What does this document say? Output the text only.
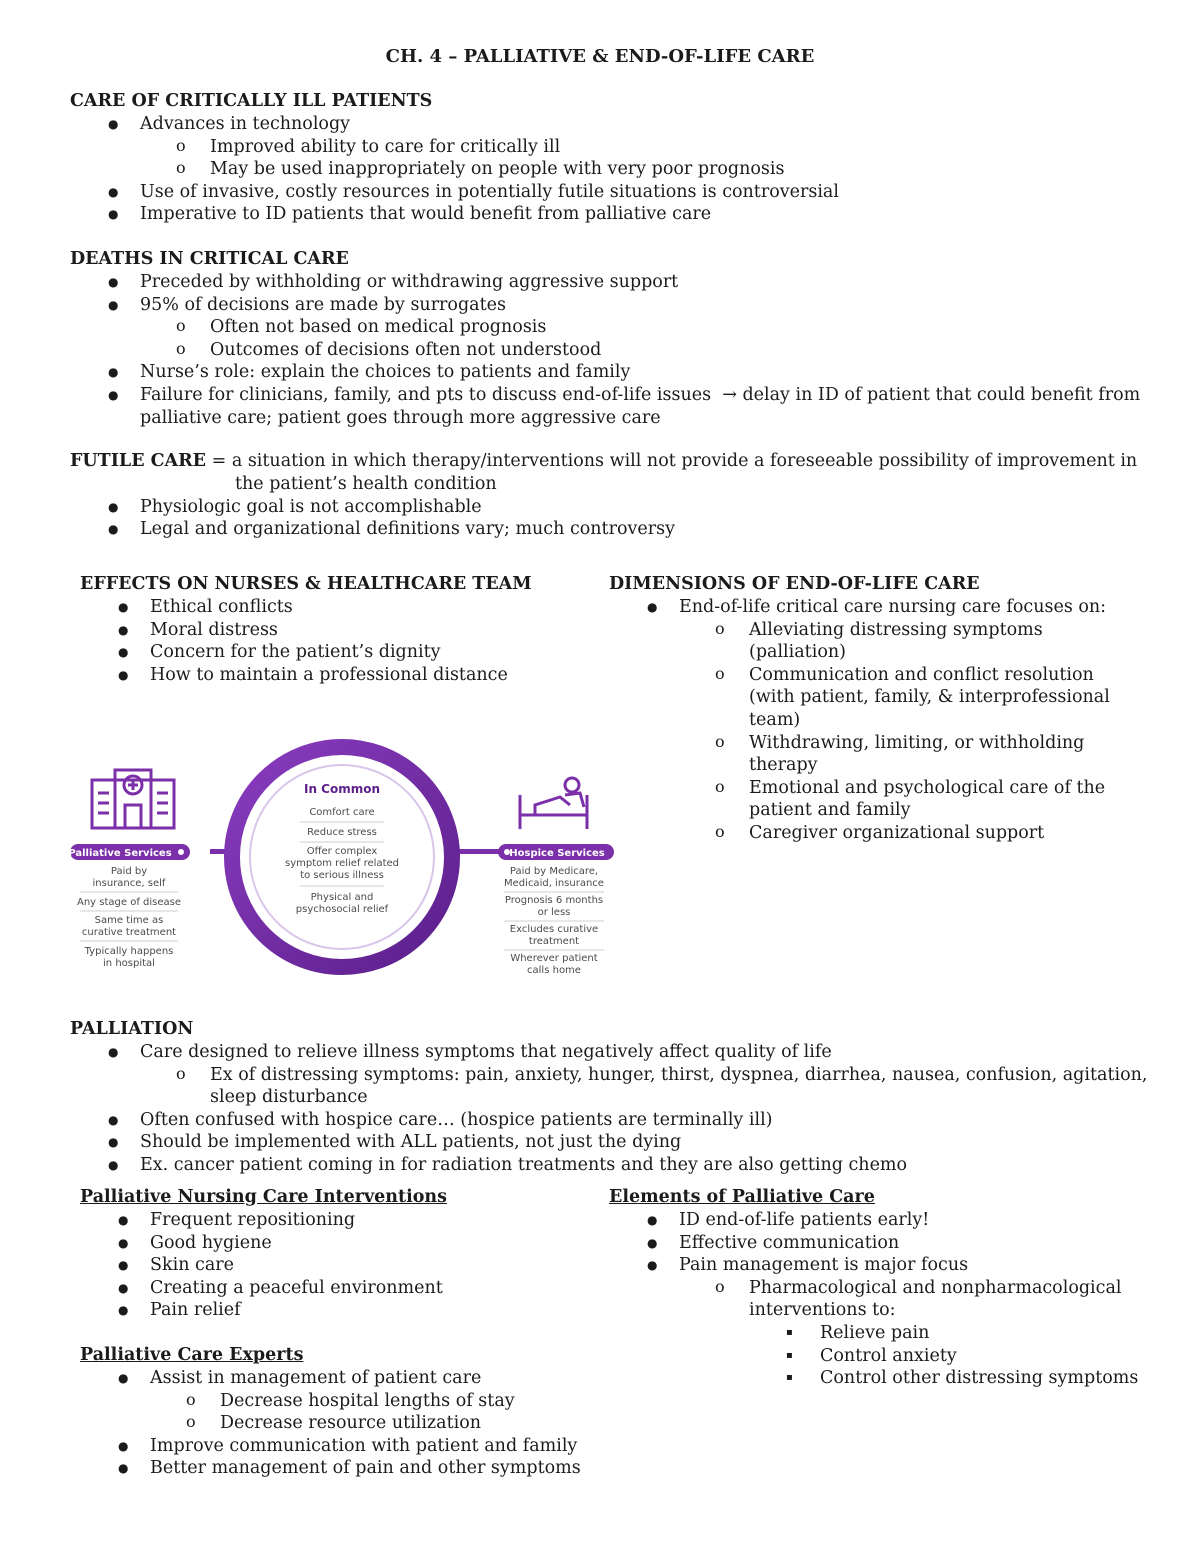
CH. 4 – PALLIATIVE & END-OF-LIFE CARE
CARE OF CRITICALLY ILL PATIENTS
● Advances in technology
o Improved ability to care for critically ill
o May be used inappropriately on people with very poor prognosis
● Use of invasive, costly resources in potentially futile situations is controversial
● Imperative to ID patients that would benefit from palliative care
DEATHS IN CRITICAL CARE
● Preceded by withholding or withdrawing aggressive support
● 95% of decisions are made by surrogates
o Often not based on medical prognosis
o Outcomes of decisions often not understood
● Nurse’s role: explain the choices to patients and family
● Failure for clinicians, family, and pts to discuss end-of-life issues  → delay in ID of patient that could benefit from
palliative care; patient goes through more aggressive care
FUTILE CARE = a situation in which therapy/interventions will not provide a foreseeable possibility of improvement in
the patient’s health condition
● Physiologic goal is not accomplishable
● Legal and organizational definitions vary; much controversy
EFFECTS ON NURSES & HEALTHCARE TEAM
● Ethical conflicts
● Moral distress
● Concern for the patient’s dignity
● How to maintain a professional distance
DIMENSIONS OF END-OF-LIFE CARE
● End-of-life critical care nursing care focuses on:
o Alleviating distressing symptoms
(palliation)
o Communication and conflict resolution
(with patient, family, & interprofessional
team)
o Withdrawing, limiting, or withholding
therapy
o Emotional and psychological care of the
patient and family
o Caregiver organizational support
In Common
Comfort care
Reduce stress
Offer complex
symptom relief related
to serious illness
Physical and
psychosocial relief
Palliative Services	Hospice Services
Paid by
insurance, self
Any stage of disease
Same time as
curative treatment
Typically happens
in hospital
Paid by Medicare,
Medicaid, insurance
Prognosis 6 months
or less
Excludes curative
treatment
Wherever patient
calls home
PALLIATION
● Care designed to relieve illness symptoms that negatively affect quality of life
o Ex of distressing symptoms: pain, anxiety, hunger, thirst, dyspnea, diarrhea, nausea, confusion, agitation,
sleep disturbance
● Often confused with hospice care… (hospice patients are terminally ill)
● Should be implemented with ALL patients, not just the dying
● Ex. cancer patient coming in for radiation treatments and they are also getting chemo
Palliative Nursing Care Interventions
● Frequent repositioning
● Good hygiene
● Skin care
● Creating a peaceful environment
● Pain relief
Palliative Care Experts
● Assist in management of patient care
o Decrease hospital lengths of stay
o Decrease resource utilization
● Improve communication with patient and family
● Better management of pain and other symptoms
Elements of Palliative Care
● ID end-of-life patients early!
● Effective communication
● Pain management is major focus
o Pharmacological and nonpharmacological
interventions to:
▪ Relieve pain
▪ Control anxiety
▪ Control other distressing symptoms
